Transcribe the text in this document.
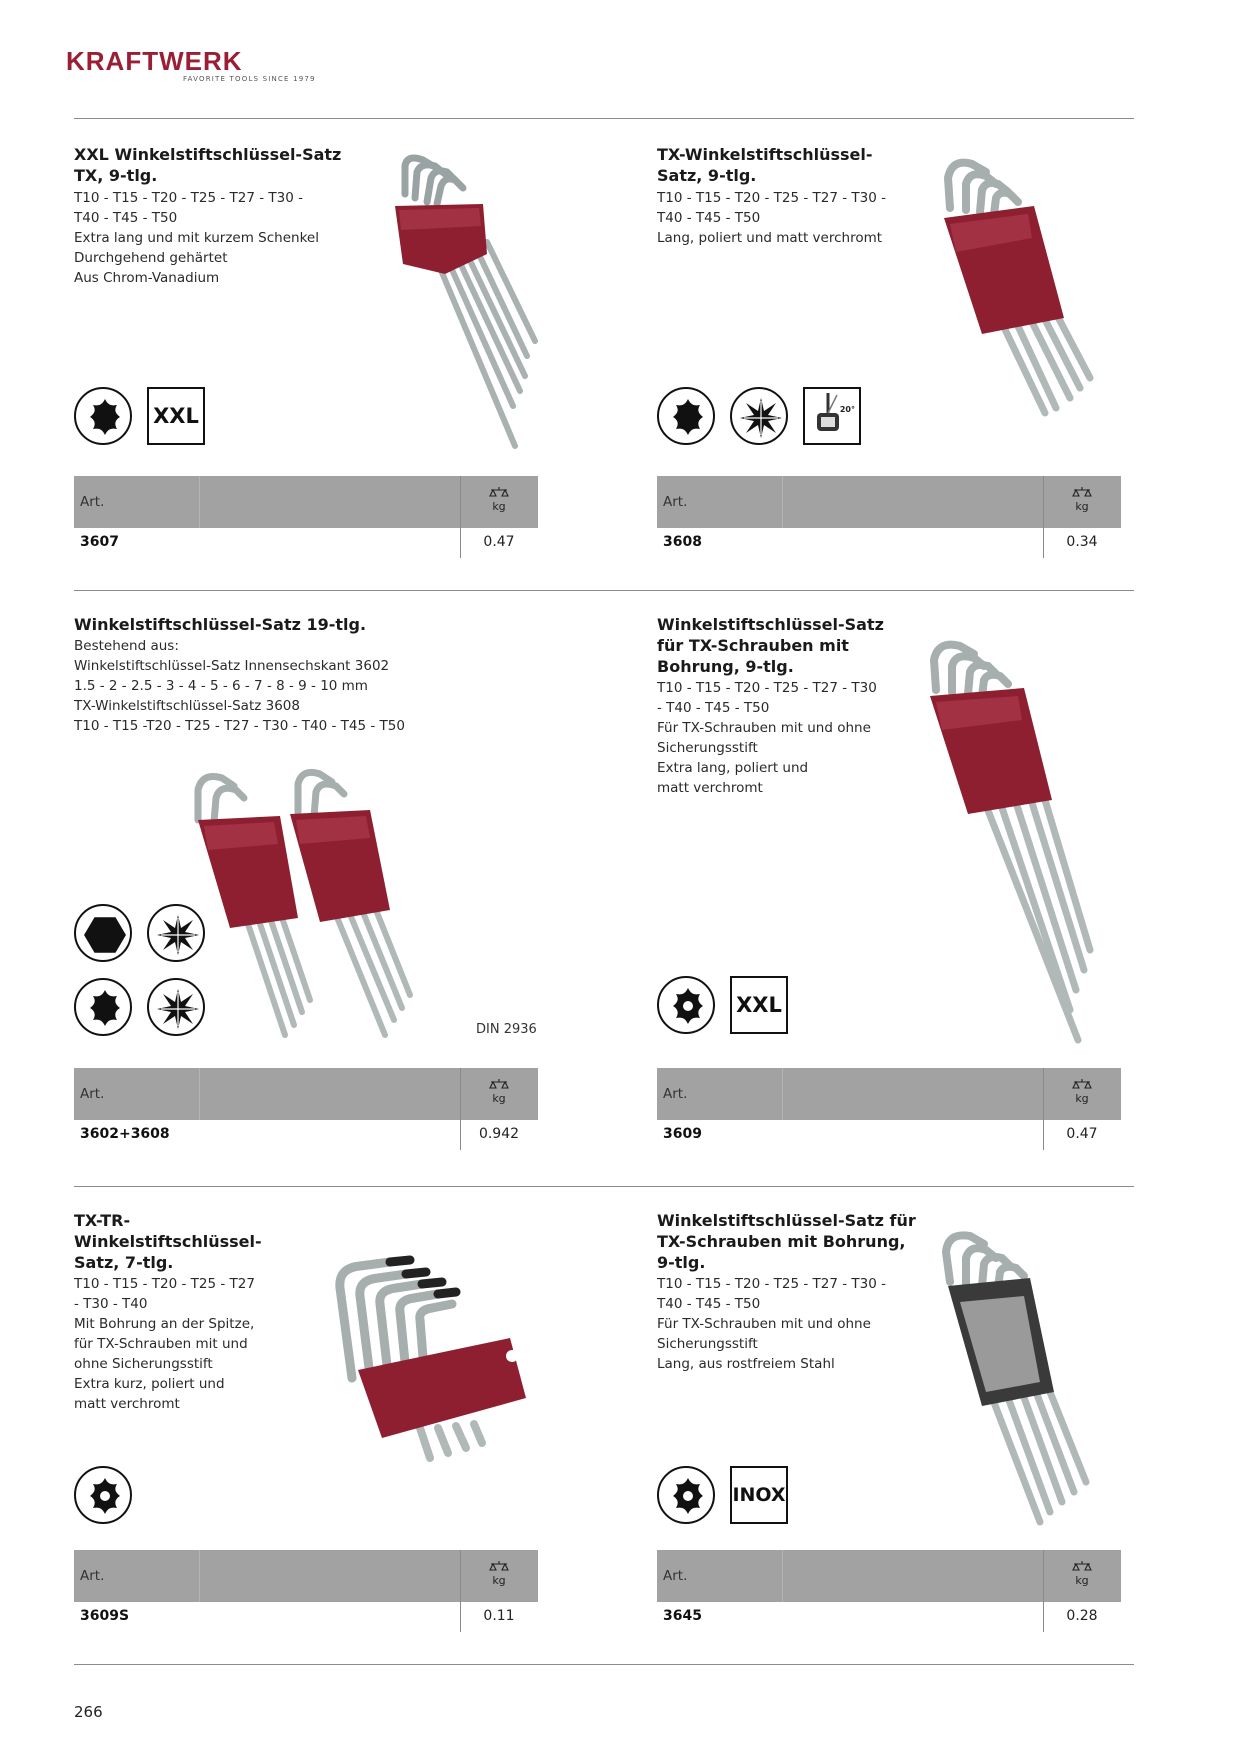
KRAFTWERK
FAVORITE TOOLS SINCE 1979
XXL Winkelstiftschlüssel-Satz
TX, 9-tlg.
T10 - T15 - T20 - T25 - T27 - T30 -
T40 - T45 - T50
Extra lang und mit kurzem Schenkel
Durchgehend gehärtet
Aus Chrom-Vanadium
XXL
Art.	kg
3607	0.47
TX-Winkelstiftschlüssel-
Satz, 9-tlg.
T10 - T15 - T20 - T25 - T27 - T30 -
T40 - T45 - T50
Lang, poliert und matt verchromt
20°
Art.	kg
3608	0.34
Winkelstiftschlüssel-Satz 19-tlg.
Bestehend aus:
Winkelstiftschlüssel-Satz Innensechskant 3602
1.5 - 2 - 2.5 - 3 - 4 - 5 - 6 - 7 - 8 - 9 - 10 mm
TX-Winkelstiftschlüssel-Satz 3608
T10 - T15 -T20 - T25 - T27 - T30 - T40 - T45 - T50
DIN 2936
Art.	kg
3602+3608	0.942
Winkelstiftschlüssel-Satz
für TX-Schrauben mit
Bohrung, 9-tlg.
T10 - T15 - T20 - T25 - T27 - T30
- T40 - T45 - T50
Für TX-Schrauben mit und ohne
Sicherungsstift
Extra lang, poliert und
matt verchromt
XXL
Art.	kg
3609	0.47
TX-TR-
Winkelstiftschlüssel-
Satz, 7-tlg.
T10 - T15 - T20 - T25 - T27
- T30 - T40
Mit Bohrung an der Spitze,
für TX-Schrauben mit und
ohne Sicherungsstift
Extra kurz, poliert und
matt verchromt
Art.	kg
3609S	0.11
Winkelstiftschlüssel-Satz für
TX-Schrauben mit Bohrung,
9-tlg.
T10 - T15 - T20 - T25 - T27 - T30 -
T40 - T45 - T50
Für TX-Schrauben mit und ohne
Sicherungsstift
Lang, aus rostfreiem Stahl
INOX
Art.	kg
3645	0.28
266
